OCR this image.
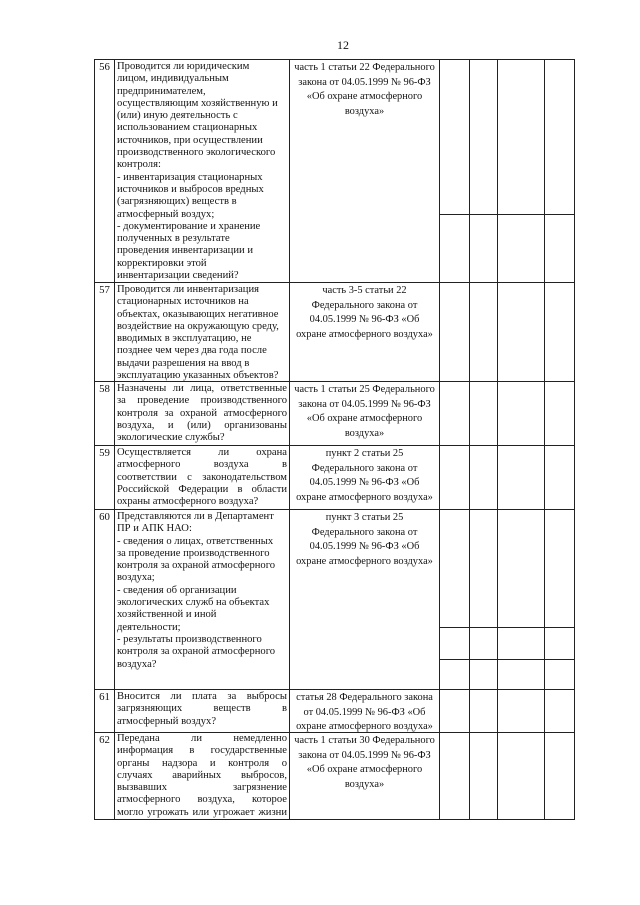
12
56 Проводится ли юридическим
лицом, индивидуальным
предпринимателем,
осуществляющим хозяйственную и
(или) иную деятельность с
использованием стационарных
источников, при осуществлении
производственного экологического
контроля:
- инвентаризация стационарных
источников и выбросов вредных
(загрязняющих) веществ в
атмосферный воздух;
- документирование и хранение
полученных в результате
проведения инвентаризации и
корректировки этой
инвентаризации сведений?
часть 1 статьи 22 Федерального
закона от 04.05.1999 № 96-ФЗ
«Об охране атмосферного
воздуха»
57 Проводится ли инвентаризация
стационарных источников на
объектах, оказывающих негативное
воздействие на окружающую среду,
вводимых в эксплуатацию, не
позднее чем через два года после
выдачи разрешения на ввод в
эксплуатацию указанных объектов?
часть 3-5 статьи 22
Федерального закона от
04.05.1999 № 96-ФЗ «Об
охране атмосферного воздуха»
58 Назначены ли лица, ответственные
за проведение производственного
контроля за охраной атмосферного
воздуха, и (или) организованы
экологические службы?
часть 1 статьи 25 Федерального
закона от 04.05.1999 № 96-ФЗ
«Об охране атмосферного
воздуха»
59 Осуществляется ли охрана
атмосферного воздуха в
соответствии с законодательством
Российской Федерации в области
охраны атмосферного воздуха?
пункт 2 статьи 25
Федерального закона от
04.05.1999 № 96-ФЗ «Об
охране атмосферного воздуха»
60 Представляются ли в Департамент
ПР и АПК НАО:
- сведения о лицах, ответственных
за проведение производственного
контроля за охраной атмосферного
воздуха;
- сведения об организации
экологических служб на объектах
хозяйственной и иной
деятельности;
- результаты производственного
контроля за охраной атмосферного
воздуха?
пункт 3 статьи 25
Федерального закона от
04.05.1999 № 96-ФЗ «Об
охране атмосферного воздуха»
61 Вносится ли плата за выбросы
загрязняющих веществ в
атмосферный воздух?
статья 28 Федерального закона
от 04.05.1999 № 96-ФЗ «Об
охране атмосферного воздуха»
62 Передана ли немедленно
информация в государственные
органы надзора и контроля о
случаях аварийных выбросов,
вызвавших загрязнение
атмосферного воздуха, которое
могло угрожать или угрожает жизни
часть 1 статьи 30 Федерального
закона от 04.05.1999 № 96-ФЗ
«Об охране атмосферного
воздуха»
